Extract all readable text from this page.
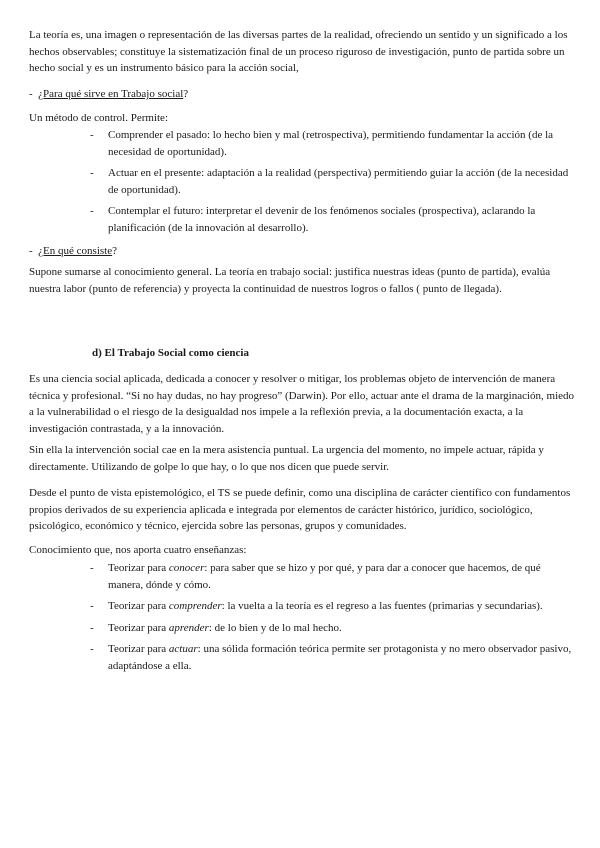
La teoría es, una imagen o representación de las diversas partes de la realidad, ofreciendo un sentido y un significado a los hechos observables; constituye la sistematización final de un proceso riguroso de investigación, punto de partida sobre un hecho social y es un instrumento básico para la acción social,

- ¿Para qué sirve en Trabajo social?

Un método de control. Permite:

- Comprender el pasado: lo hecho bien y mal (retrospectiva), permitiendo fundamentar la acción (de la necesidad de oportunidad).
- Actuar en el presente: adaptación a la realidad (perspectiva) permitiendo guiar la acción (de la necesidad de oportunidad).
- Contemplar el futuro: interpretar el devenir de los fenómenos sociales (prospectiva), aclarando la planificación (de la innovación al desarrollo).
- ¿En qué consiste?

Supone sumarse al conocimiento general. La teoría en trabajo social: justifica nuestras ideas (punto de partida), evalúa nuestra labor (punto de referencia) y proyecta la continuidad de nuestros logros o fallos ( punto de llegada).

d) El Trabajo Social como ciencia

Es una ciencia social aplicada, dedicada a conocer y resolver o mitigar, los problemas objeto de intervención de manera técnica y profesional. “Si no hay dudas, no hay progreso” (Darwin). Por ello, actuar ante el drama de la marginación, miedo a la vulnerabilidad o el riesgo de la desigualdad nos impele a la reflexión previa, a la documentación exacta, a la investigación contrastada, y a la innovación.

Sin ella la intervención social cae en la mera asistencia puntual. La urgencia del momento, no impele actuar, rápida y directamente. Utilizando de golpe lo que hay, o lo que nos dicen que puede servir.

Desde el punto de vista epistemológico, el TS se puede definir, como una disciplina de carácter científico con fundamentos propios derivados de su experiencia aplicada e integrada por elementos de carácter histórico, jurídico, sociológico, psicológico, económico y técnico, ejercida sobre las personas, grupos y comunidades.

Conocimiento que, nos aporta cuatro enseñanzas:

- Teorizar para conocer: para saber que se hizo y por qué, y para dar a conocer que hacemos, de qué manera, dónde y cómo.
- Teorizar para comprender: la vuelta a la teoría es el regreso a las fuentes (primarias y secundarias).
- Teorizar para aprender: de lo bien y de lo mal hecho.
- Teorizar para actuar: una sólida formación teórica permite ser protagonista y no mero observador pasivo, adaptándose a ella.
